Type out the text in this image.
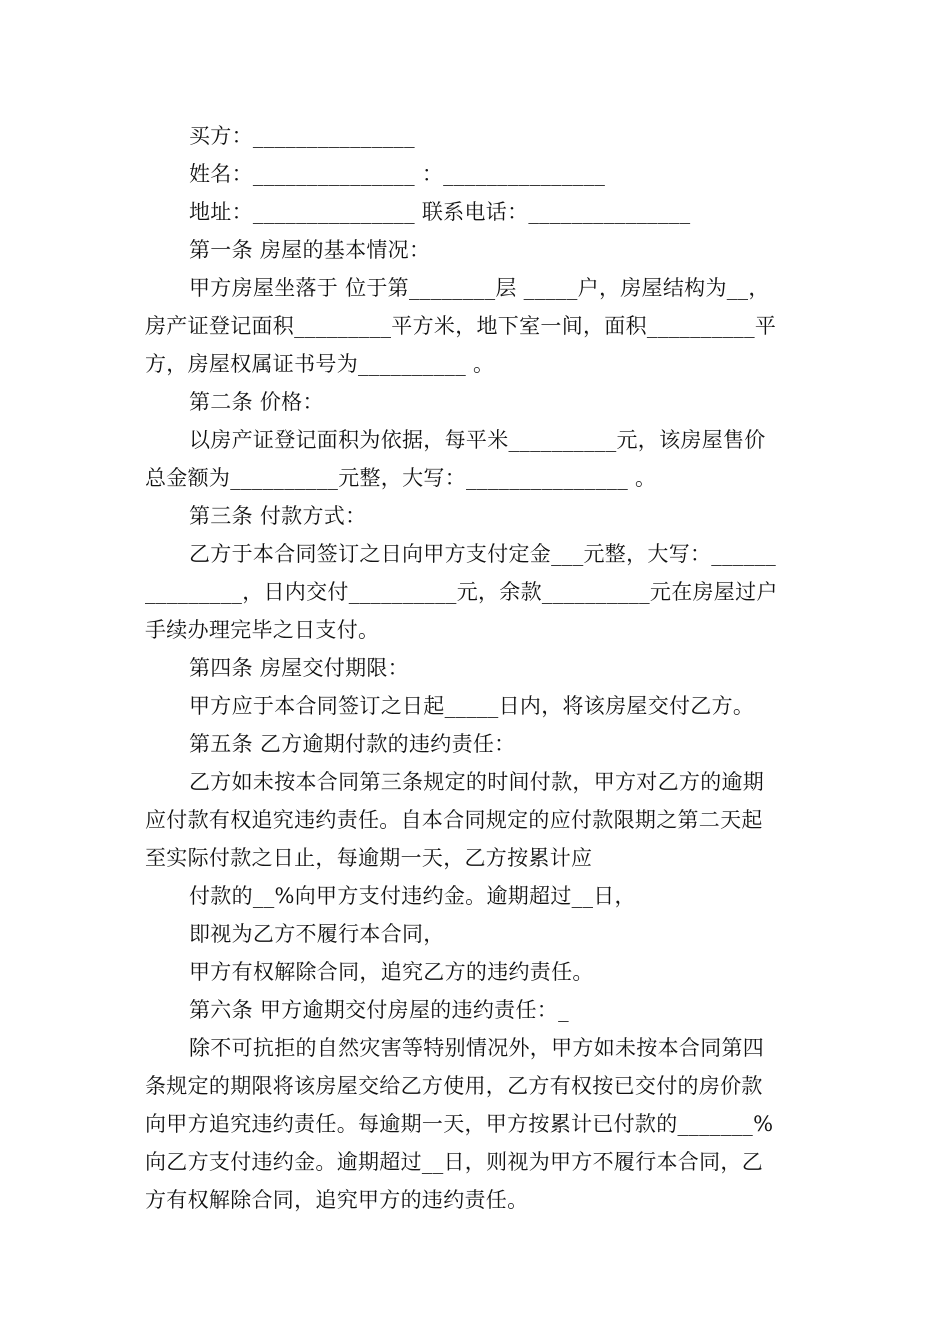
买方：_______________
姓名：_______________ ：_______________
地址：_______________ 联系电话：_______________
第一条 房屋的基本情况：
甲方房屋坐落于 位于第________层 _____户，房屋结构为__，
房产证登记面积_________平方米，地下室一间，面积__________平
方，房屋权属证书号为__________ 。
第二条 价格：
以房产证登记面积为依据，每平米__________元，该房屋售价
总金额为__________元整，大写：_______________ 。
第三条 付款方式：
乙方于本合同签订之日向甲方支付定金___元整，大写：______
_________，日内交付__________元，余款__________元在房屋过户
手续办理完毕之日支付。
第四条 房屋交付期限：
甲方应于本合同签订之日起_____日内，将该房屋交付乙方。
第五条 乙方逾期付款的违约责任：
乙方如未按本合同第三条规定的时间付款，甲方对乙方的逾期
应付款有权追究违约责任。自本合同规定的应付款限期之第二天起
至实际付款之日止，每逾期一天，乙方按累计应
付款的__%向甲方支付违约金。逾期超过__日，
即视为乙方不履行本合同，
甲方有权解除合同，追究乙方的违约责任。
第六条 甲方逾期交付房屋的违约责任：_
除不可抗拒的自然灾害等特别情况外，甲方如未按本合同第四
条规定的期限将该房屋交给乙方使用，乙方有权按已交付的房价款
向甲方追究违约责任。每逾期一天，甲方按累计已付款的_______%
向乙方支付违约金。逾期超过__日，则视为甲方不履行本合同，乙
方有权解除合同，追究甲方的违约责任。
